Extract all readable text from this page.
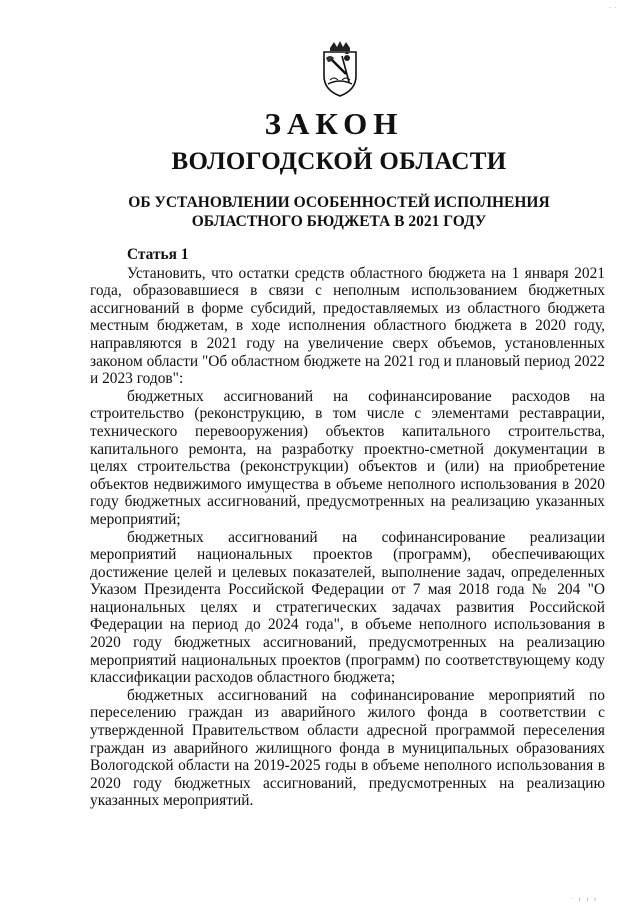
· ·
ЗАКОН
ВОЛОГОДСКОЙ ОБЛАСТИ
ОБ УСТАНОВЛЕНИИ ОСОБЕННОСТЕЙ ИСПОЛНЕНИЯ
ОБЛАСТНОГО БЮДЖЕТА В 2021 ГОДУ

Статья 1

Установить, что остатки средств областного бюджета на 1 января 2021 года, образовавшиеся в связи с неполным использованием бюджетных ассигнований в форме субсидий, предоставляемых из областного бюджета местным бюджетам, в ходе исполнения областного бюджета в 2020 году, направляются в 2021 году на увеличение сверх объемов, установленных законом области "Об областном бюджете на 2021 год и плановый период 2022 и 2023 годов":

бюджетных ассигнований на софинансирование расходов на строительство (реконструкцию, в том числе с элементами реставрации, технического перевооружения) объектов капитального строительства, капитального ремонта, на разработку проектно-сметной документации в целях строительства (реконструкции) объектов и (или) на приобретение объектов недвижимого имущества в объеме неполного использования в 2020 году бюджетных ассигнований, предусмотренных на реализацию указанных мероприятий;

бюджетных ассигнований на софинансирование реализации мероприятий национальных проектов (программ), обеспечивающих достижение целей и целевых показателей, выполнение задач, определенных Указом Президента Российской Федерации от 7 мая 2018 года № 204 "О национальных целях и стратегических задачах развития Российской Федерации на период до 2024 года", в объеме неполного использования в 2020 году бюджетных ассигнований, предусмотренных на реализацию мероприятий национальных проектов (программ) по соответствующему коду классификации расходов областного бюджета;

бюджетных ассигнований на софинансирование мероприятий по переселению граждан из аварийного жилого фонда в соответствии с утвержденной Правительством области адресной программой переселения граждан из аварийного жилищного фонда в муниципальных образованиях Вологодской области на 2019-2025 годы в объеме неполного использования в 2020 году бюджетных ассигнований, предусмотренных на реализацию указанных мероприятий.

· ı ı ı
